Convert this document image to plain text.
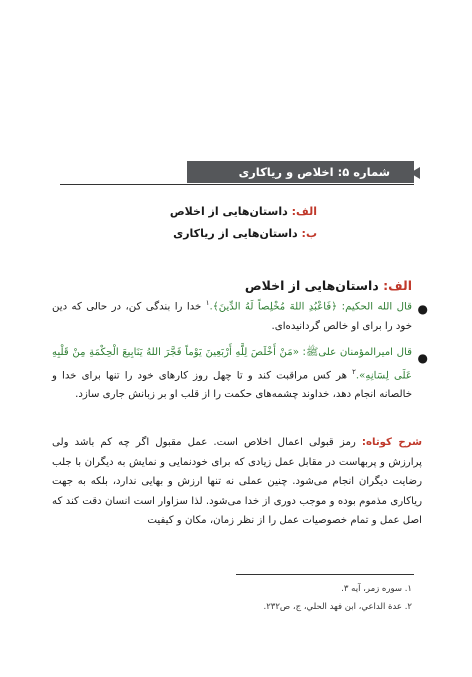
شماره ۵: اخلاص و ریاکاری
الف: داستان‌هایی از اخلاص
ب: داستان‌هایی از ریاکاری
الف: داستان‌هایی از اخلاص
●
قال الله الحکیم: ﴿فَاعْبُدِ اللهَ مُخْلِصاً لَهُ الدِّينَ﴾.$^۱$ خدا را بندگی کن، در حالی که دین خود را برای او خالص گردانیده‌ای.
●
قال امیرالمؤمنان علیﷺ: «مَنْ أَخْلَصَ لِلَّهِ أَرْبَعِينَ يَوْماً فَجَّرَ اللهُ يَنَابِيعَ الْحِكْمَةِ مِنْ قَلْبِهِ عَلَى لِسَانِهِ».$^۲$ هر کس مراقبت کند و تا چهل روز کارهای خود را تنها برای خدا و خالصانه انجام دهد، خداوند چشمه‌های حکمت را از قلب او بر زبانش جاری سازد.
شرح کوتاه: رمز قبولی اعمال اخلاص است. عمل مقبول اگر چه کم باشد ولی پرارزش و پربهاست در مقابل عمل زیادی که برای خودنمایی و نمایش به دیگران با جلب رضایت دیگران انجام می‌شود. چنین عملی نه تنها ارزش و بهایی ندارد، بلکه به جهت ریاکاری مذموم بوده و موجب دوری از خدا می‌شود. لذا سزاوار است انسان دقت کند که اصل عمل و تمام خصوصیات عمل را از نظر زمان، مکان و کیفیت
۱. سوره زمر، آیه ۳.
۲. عدة الداعي، ابن فهد الحلي، ج، ص۲۳۲.
